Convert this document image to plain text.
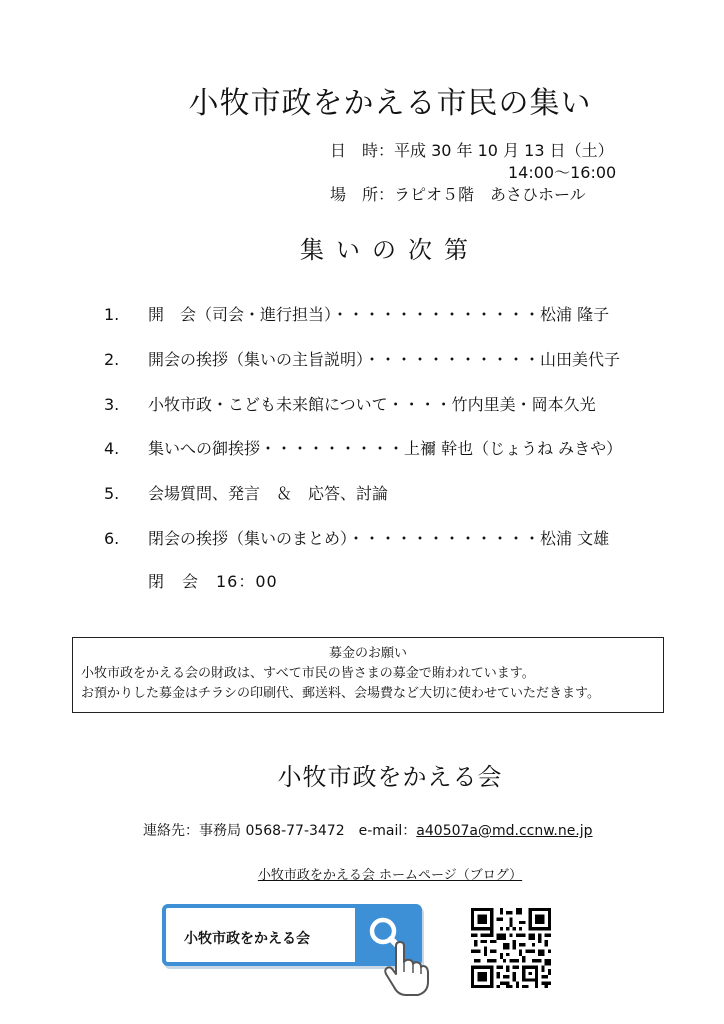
小牧市政をかえる市民の集い
日　時：平成 30 年 10 月 13 日（土）
14:00〜16:00
場　所：ラピオ５階　あさひホール
集いの次第
1. 開　会（司会・進行担当）・・・・・・・・・・・・・松浦 隆子
2. 開会の挨拶（集いの主旨説明）・・・・・・・・・・・山田美代子
3. 小牧市政・こども未来館について・・・・竹内里美・岡本久光
4. 集いへの御挨拶・・・・・・・・・上禰 幹也（じょうね みきや）
5. 会場質問、発言　＆　応答、討論
6. 閉会の挨拶（集いのまとめ）・・・・・・・・・・・・松浦 文雄
閉　会　16：00
募金のお願い
小牧市政をかえる会の財政は、すべて市民の皆さまの募金で賄われています。
お預かりした募金はチラシの印刷代、郵送料、会場費など大切に使わせていただきます。
小牧市政をかえる会
連絡先：事務局 0568-77-3472　e-mail：a40507a@md.ccnw.ne.jp
小牧市政をかえる会 ホームページ（ブログ）
小牧市政をかえる会
